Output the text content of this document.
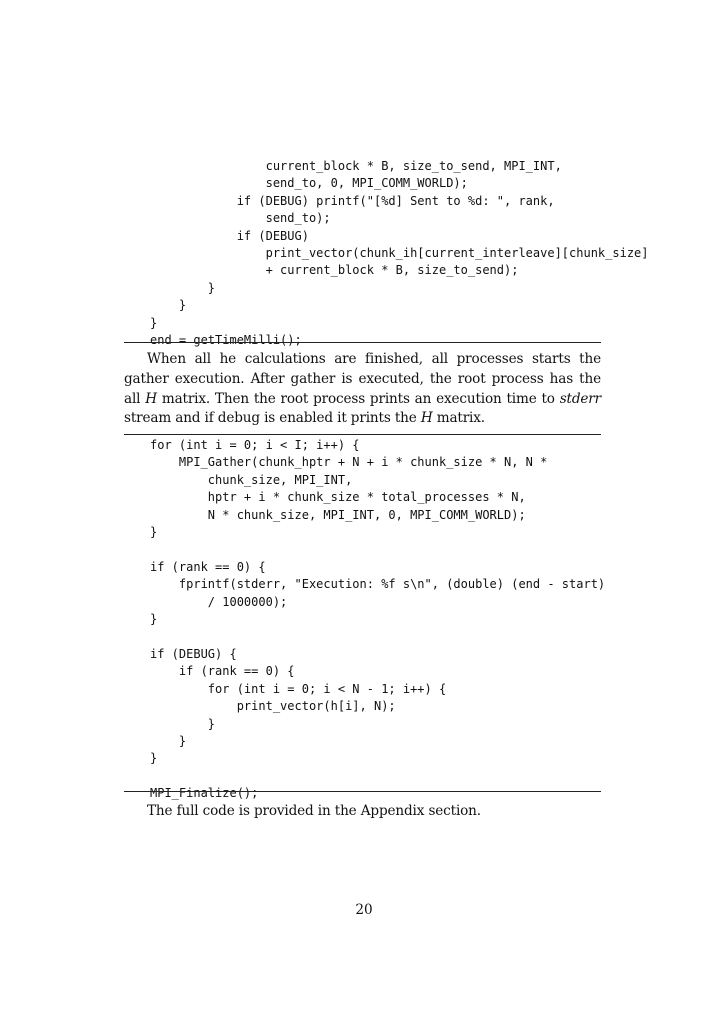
current_block * B, size_to_send, MPI_INT,
send_to, 0, MPI_COMM_WORLD);
if (DEBUG) printf("[%d] Sent to %d: ", rank,
send_to);
if (DEBUG)
print_vector(chunk_ih[current_interleave][chunk_size]
+ current_block * B, size_to_send);
}
}
}
end = getTimeMilli();

When all he calculations are finished, all processes starts the gather execution. After gather is executed, the root process has the all H matrix. Then the root process prints an execution time to stderr stream and if debug is enabled it prints the H matrix.

for (int i = 0; i < I; i++) {
MPI_Gather(chunk_hptr + N + i * chunk_size * N, N *
chunk_size, MPI_INT,
hptr + i * chunk_size * total_processes * N,
N * chunk_size, MPI_INT, 0, MPI_COMM_WORLD);
}

if (rank == 0) {
fprintf(stderr, "Execution: %f s\n", (double) (end - start)
/ 1000000);
}

if (DEBUG) {
if (rank == 0) {
for (int i = 0; i < N - 1; i++) {
print_vector(h[i], N);
}
}
}

MPI_Finalize();

The full code is provided in the Appendix section.

20
